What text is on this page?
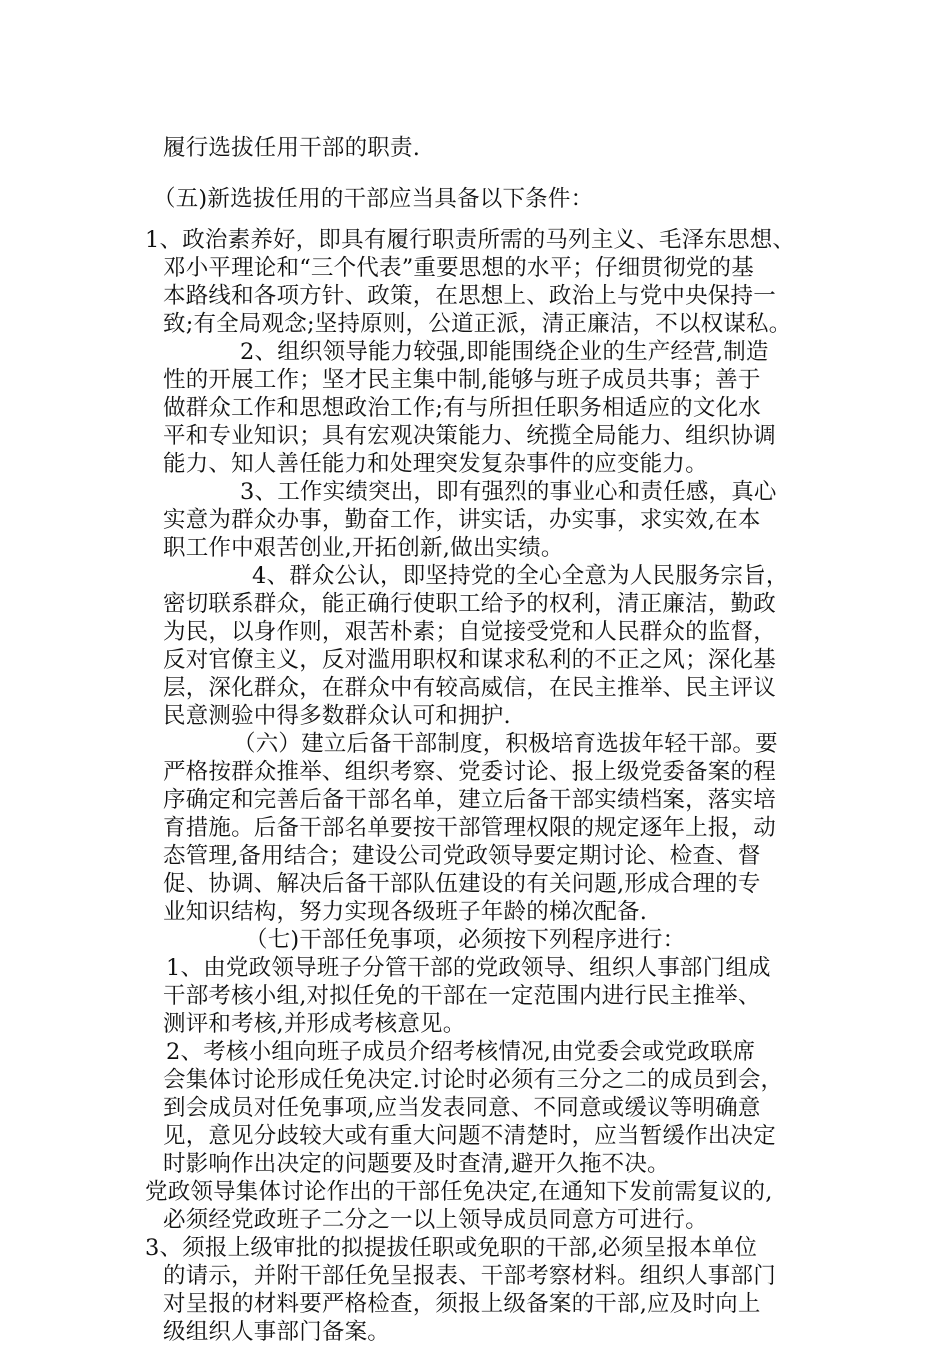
履行选拔任用干部的职责.
（五)新选拔任用的干部应当具备以下条件：
1、政治素养好，即具有履行职责所需的马列主义、毛泽东思想、
邓小平理论和“三个代表”重要思想的水平；仔细贯彻党的基
本路线和各项方针、政策，在思想上、政治上与党中央保持一
致;有全局观念;坚持原则，公道正派，清正廉洁，不以权谋私。
2、组织领导能力较强,即能围绕企业的生产经营,制造
性的开展工作；坚才民主集中制,能够与班子成员共事；善于
做群众工作和思想政治工作;有与所担任职务相适应的文化水
平和专业知识；具有宏观决策能力、统揽全局能力、组织协调
能力、知人善任能力和处理突发复杂事件的应变能力。
3、工作实绩突出，即有强烈的事业心和责任感，真心
实意为群众办事，勤奋工作，讲实话，办实事，求实效,在本
职工作中艰苦创业,开拓创新,做出实绩。
4、群众公认，即坚持党的全心全意为人民服务宗旨，
密切联系群众，能正确行使职工给予的权利，清正廉洁，勤政
为民，以身作则，艰苦朴素；自觉接受党和人民群众的监督，
反对官僚主义，反对滥用职权和谋求私利的不正之风；深化基
层，深化群众，在群众中有较高威信，在民主推举、民主评议
民意测验中得多数群众认可和拥护.
（六）建立后备干部制度，积极培育选拔年轻干部。要
严格按群众推举、组织考察、党委讨论、报上级党委备案的程
序确定和完善后备干部名单，建立后备干部实绩档案，落实培
育措施。后备干部名单要按干部管理权限的规定逐年上报，动
态管理,备用结合；建设公司党政领导要定期讨论、检查、督
促、协调、解决后备干部队伍建设的有关问题,形成合理的专
业知识结构，努力实现各级班子年龄的梯次配备.
（七)干部任免事项，必须按下列程序进行：
1、由党政领导班子分管干部的党政领导、组织人事部门组成
干部考核小组,对拟任免的干部在一定范围内进行民主推举、
测评和考核,并形成考核意见。
2、考核小组向班子成员介绍考核情况,由党委会或党政联席
会集体讨论形成任免决定.讨论时必须有三分之二的成员到会，
到会成员对任免事项,应当发表同意、不同意或缓议等明确意
见，意见分歧较大或有重大问题不清楚时，应当暂缓作出决定
时影响作出决定的问题要及时查清,避开久拖不决。
党政领导集体讨论作出的干部任免决定,在通知下发前需复议的,
必须经党政班子二分之一以上领导成员同意方可进行。
3、须报上级审批的拟提拔任职或免职的干部,必须呈报本单位
的请示，并附干部任免呈报表、干部考察材料。组织人事部门
对呈报的材料要严格检查，须报上级备案的干部,应及时向上
级组织人事部门备案。
